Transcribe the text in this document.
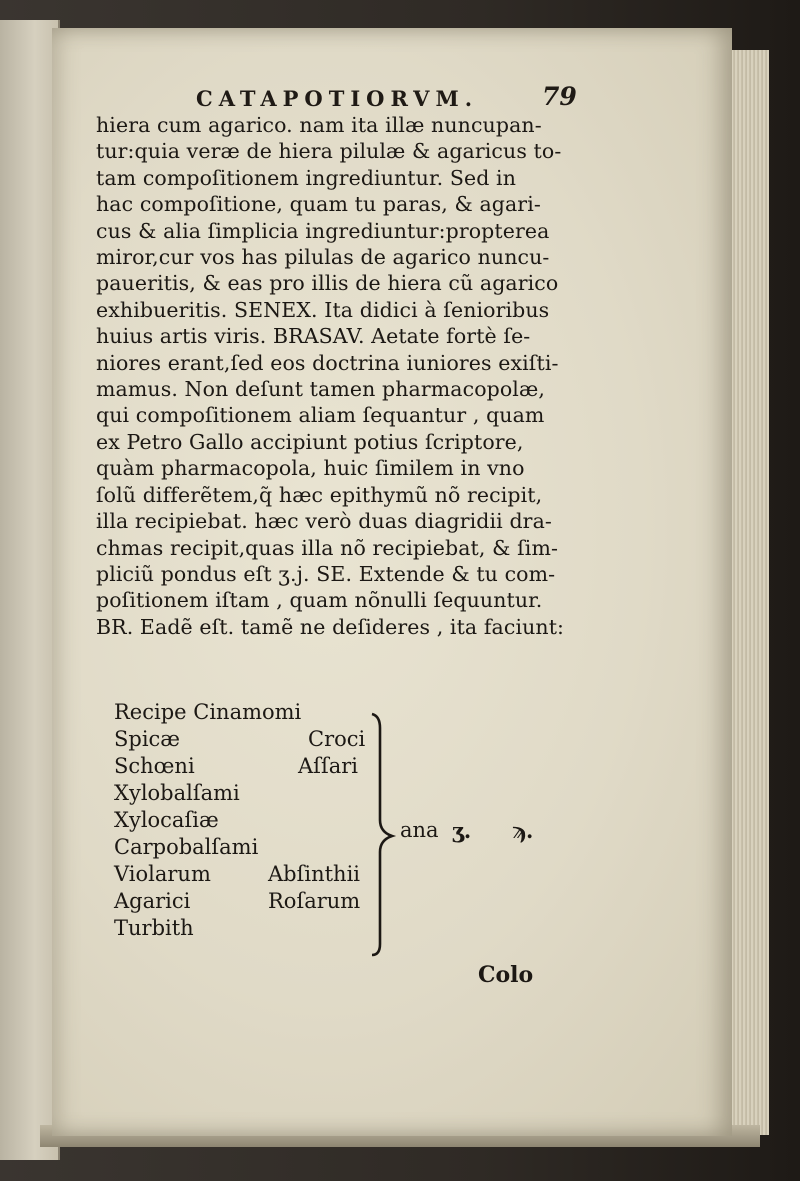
CATAPOTIORVM.	79
hiera cum agarico. nam ita illæ nuncupan-
tur:quia veræ de hiera pilulæ & agaricus to-
tam compoſitionem ingrediuntur. Sed in
hac compoſitione, quam tu paras, & agari-
cus & alia ſimplicia ingrediuntur:propterea
miror,cur vos has pilulas de agarico nuncu-
paueritis, & eas pro illis de hiera cũ agarico
exhibueritis. SENEX. Ita didici à ſenioribus
huius artis viris. BRASAV. Aetate fortè ſe-
niores erant,ſed eos doctrina iuniores exiſti-
mamus. Non deſunt tamen pharmacopolæ,
qui compoſitionem aliam ſequantur , quam
ex Petro Gallo accipiunt potius ſcriptore,
quàm pharmacopola, huic ſimilem in vno
ſolũ differẽtem,q̃ hæc epithymũ nõ recipit,
illa recipiebat. hæc verò duas diagridii dra-
chmas recipit,quas illa nõ recipiebat, & ſim-
pliciũ pondus eſt ʒ.j. SE. Extende & tu com-
poſitionem iſtam , quam nõnulli ſequuntur.
BR. Eadẽ eſt. tamẽ ne deſideres , ita faciunt:
Recipe Cinamomi
Spicæ
Schœni
Xylobalſami
Xylocaſiæ
Carpobalſami
Violarum
Agarici
Turbith
Croci
Aſſari
Abſinthii
Roſarum
ana ʒ. ϡ.
Colo
